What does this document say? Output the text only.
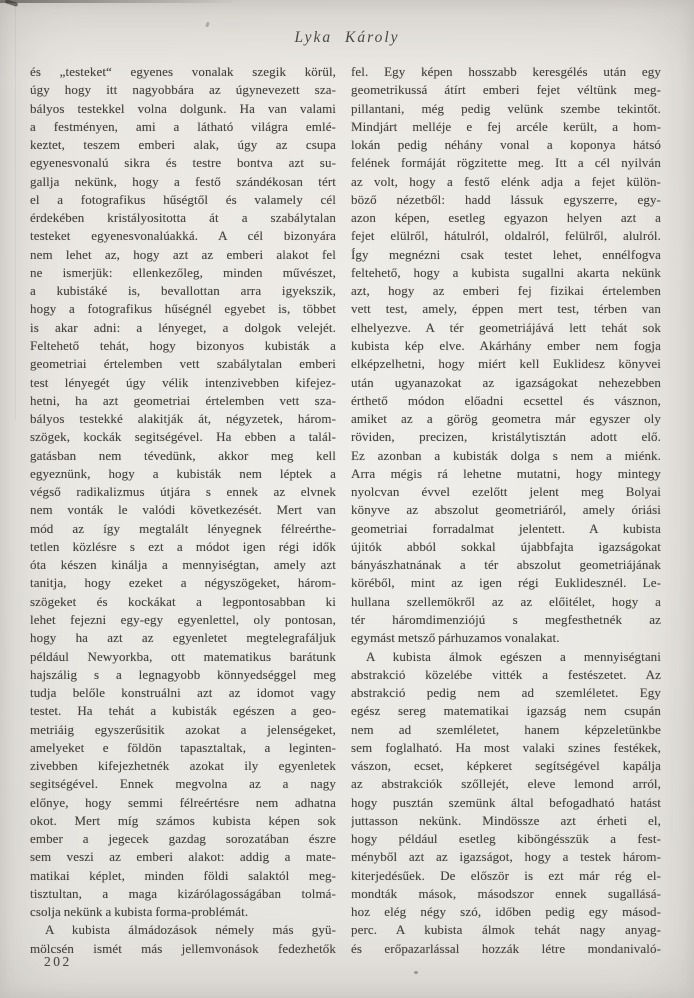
Lyka Károly
és „testeket“ egyenes vonalak szegik körül,
úgy hogy itt nagyobbára az úgynevezett sza-
bályos testekkel volna dolgunk. Ha van valami
a festményen, ami a látható világra emlé-
keztet, teszem emberi alak, úgy az csupa
egyenesvonalú sikra és testre bontva azt su-
gallja nekünk, hogy a festő szándékosan tért
el a fotografikus hűségtől és valamely cél
érdekében kristályositotta át a szabálytalan
testeket egyenesvonalúakká. A cél bizonyára
nem lehet az, hogy azt az emberi alakot fel
ne ismerjük: ellenkezőleg, minden művészet,
a kubistáké is, bevallottan arra igyekszik,
hogy a fotografikus hűségnél egyebet is, többet
is akar adni: a lényeget, a dolgok velejét.
Feltehető tehát, hogy bizonyos kubisták a
geometriai értelemben vett szabálytalan emberi
test lényegét úgy vélik intenzivebben kifejez-
hetni, ha azt geometriai értelemben vett sza-
bályos testekké alakitják át, négyzetek, három-
szögek, kockák segitségével. Ha ebben a talál-
gatásban nem tévedünk, akkor meg kell
egyeznünk, hogy a kubisták nem léptek a
végső radikalizmus útjára s ennek az elvnek
nem vonták le valódi következését. Mert van
mód az így megtalált lényegnek félreérthe-
tetlen közlésre s ezt a módot igen régi idők
óta készen kinálja a mennyiségtan, amely azt
tanitja, hogy ezeket a négyszögeket, három-
szögeket és kockákat a legpontosabban ki
lehet fejezni egy-egy egyenlettel, oly pontosan,
hogy ha azt az egyenletet megtelegrafáljuk
például Newyorkba, ott matematikus barátunk
hajszálig s a legnagyobb könnyedséggel meg
tudja belőle konstruálni azt az idomot vagy
testet. Ha tehát a kubisták egészen a geo-
metriáig egyszerűsitik azokat a jelenségeket,
amelyeket e földön tapasztaltak, a leginten-
zivebben kifejezhetnék azokat ily egyenletek
segitségével. Ennek megvolna az a nagy
előnye, hogy semmi félreértésre nem adhatna
okot. Mert míg számos kubista képen sok
ember a jegecek gazdag sorozatában észre
sem veszi az emberi alakot: addig a mate-
matikai képlet, minden földi salaktól meg-
tisztultan, a maga kizárólagosságában tolmá-
csolja nekünk a kubista forma-problémát.
A kubista álmádozások némely más gyü-
mölcsén ismét más jellemvonások fedezhetők
fel. Egy képen hosszabb keresgélés után egy
geometrikussá átírt emberi fejet véltünk meg-
pillantani, még pedig velünk szembe tekintőt.
Mindjárt melléje e fej arcéle került, a hom-
lokán pedig néhány vonal a koponya hátsó
felének formáját rögzitette meg. Itt a cél nyilván
az volt, hogy a festő elénk adja a fejet külön-
böző nézetből: hadd lássuk egyszerre, egy-
azon képen, esetleg egyazon helyen azt a
fejet elülről, hátulról, oldalról, felülről, alulról.
Így megnézni csak testet lehet, ennélfogva
feltehető, hogy a kubista sugallni akarta nekünk
azt, hogy az emberi fej fizikai értelemben
vett test, amely, éppen mert test, térben van
elhelyezve. A tér geometriájává lett tehát sok
kubista kép elve. Akárhány ember nem fogja
elképzelhetni, hogy miért kell Euklidesz könyvei
után ugyanazokat az igazságokat nehezebben
érthető módon előadni ecsettel és vásznon,
amiket az a görög geometra már egyszer oly
röviden, precizen, kristálytisztán adott elő.
Ez azonban a kubisták dolga s nem a miénk.
Arra mégis rá lehetne mutatni, hogy mintegy
nyolcvan évvel ezelőtt jelent meg Bolyai
könyve az abszolut geometriáról, amely óriási
geometriai forradalmat jelentett. A kubista
újitók abból sokkal újabbfajta igazságokat
bányászhatnának a tér abszolut geometriájának
köréből, mint az igen régi Euklidesznél. Le-
hullana szellemökről az az előitélet, hogy a
tér háromdimenziójú s megfesthetnék az
egymást metsző párhuzamos vonalakat.
A kubista álmok egészen a mennyiségtani
abstrakció közelébe vitték a festészetet. Az
abstrakció pedig nem ad szemléletet. Egy
egész sereg matematikai igazság nem csupán
nem ad szemléletet, hanem képzeletünkbe
sem foglalható. Ha most valaki szines festékek,
vászon, ecset, képkeret segítségével kapálja
az abstrakciók szőllejét, eleve lemond arról,
hogy pusztán szemünk által befogadható hatást
juttasson nekünk. Mindössze azt érheti el,
hogy például esetleg kiböngésszük a fest-
ményből azt az igazságot, hogy a testek három-
kiterjedésűek. De először is ezt már rég el-
mondták mások, másodszor ennek sugallásá-
hoz elég négy szó, időben pedig egy másod-
perc. A kubista álmok tehát nagy anyag-
és erőpazarlással hozzák létre mondanivaló-
202
